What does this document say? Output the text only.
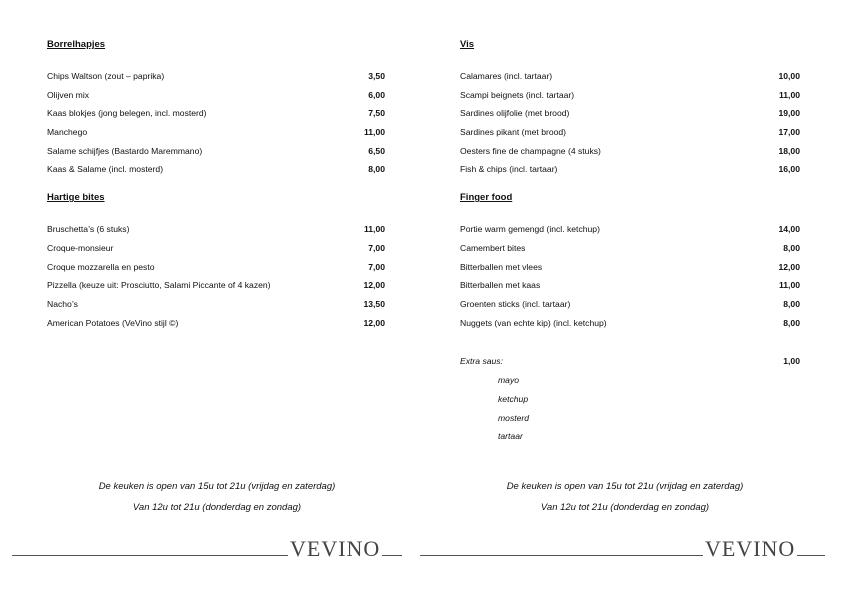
Borrelhapjes
Chips Waltson (zout – paprika)	3,50
Olijven mix	6,00
Kaas blokjes (jong belegen, incl. mosterd)	7,50
Manchego	11,00
Salame schijfjes (Bastardo Maremmano)	6,50
Kaas & Salame (incl. mosterd)	8,00
Hartige bites
Bruschetta’s (6 stuks)	11,00
Croque-monsieur	7,00
Croque mozzarella en pesto	7,00
Pizzella (keuze uit: Prosciutto, Salami Piccante of 4 kazen)	12,00
Nacho’s	13,50
American Potatoes (VeVino stijl ©)	12,00
Vis
Calamares (incl. tartaar)	10,00
Scampi beignets (incl. tartaar)	11,00
Sardines olijfolie (met brood)	19,00
Sardines pikant (met brood)	17,00
Oesters fine de champagne (4 stuks)	18,00
Fish & chips (incl. tartaar)	16,00
Finger food
Portie warm gemengd (incl. ketchup)	14,00
Camembert bites	8,00
Bitterballen met vlees	12,00
Bitterballen met kaas	11,00
Groenten sticks (incl. tartaar)	8,00
Nuggets (van echte kip) (incl. ketchup)	8,00
Extra saus:	1,00
mayo
ketchup
mosterd
tartaar
De keuken is open van 15u tot 21u (vrijdag en zaterdag)
Van 12u tot 21u (donderdag en zondag)
De keuken is open van 15u tot 21u (vrijdag en zaterdag)
Van 12u tot 21u (donderdag en zondag)
VEVINO	VEVINO
